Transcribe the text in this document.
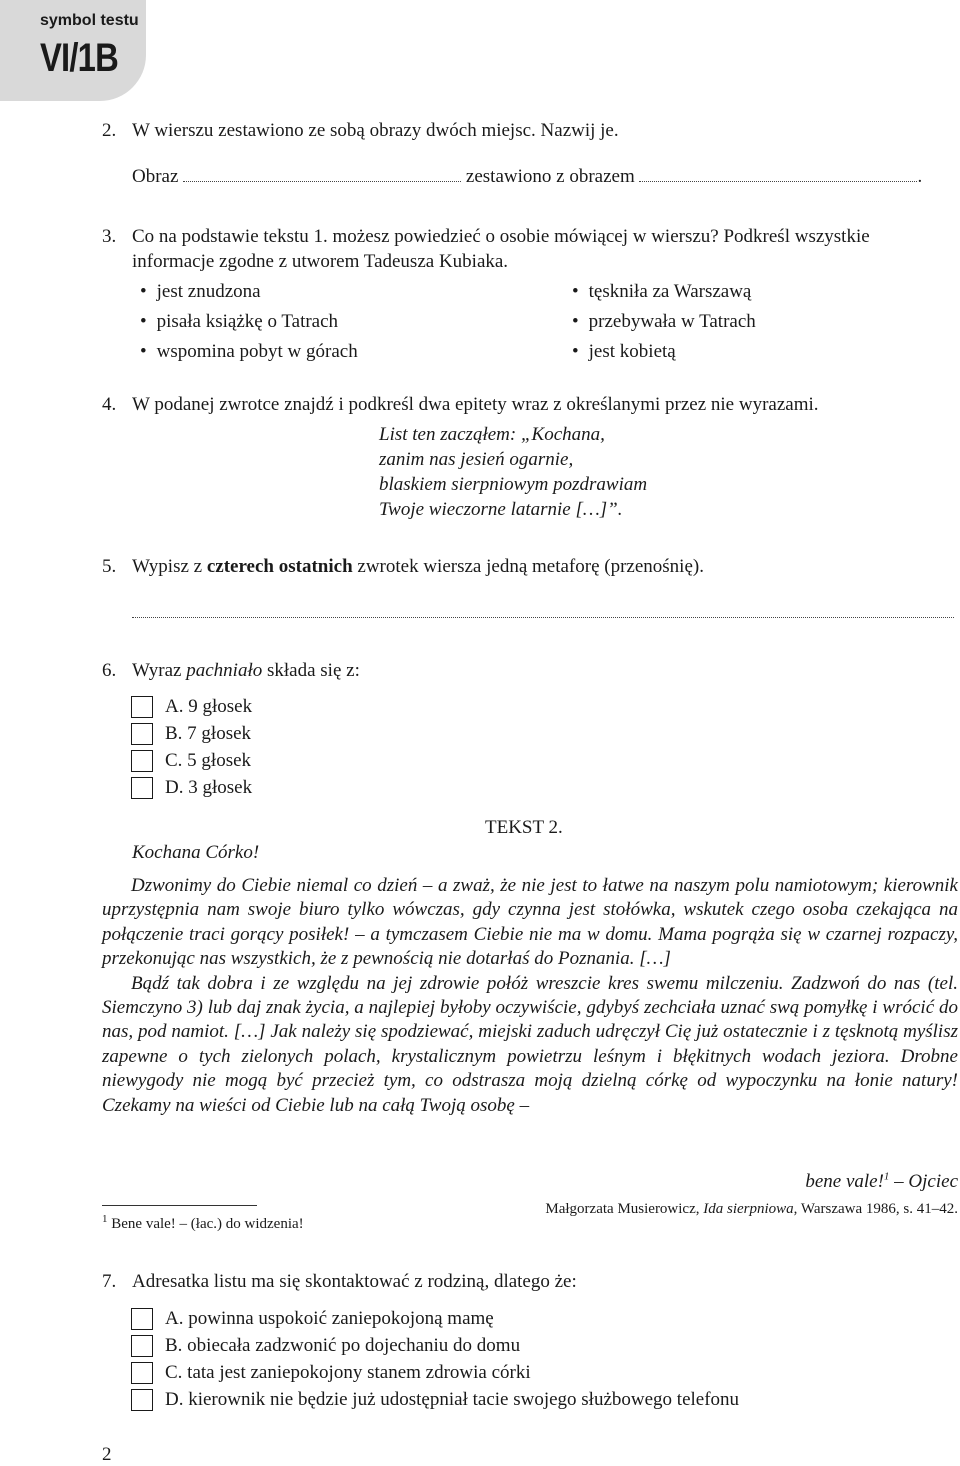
symbol testu
VI/1B
2. W wierszu zestawiono ze sobą obrazy dwóch miejsc. Nazwij je.
Obraz	zestawiono z obrazem	.
3. Co na podstawie tekstu 1. możesz powiedzieć o osobie mówiącej w wierszu? Podkreśl wszystkie
informacje zgodne z utworem Tadeusza Kubiaka.
• jest znudzona
• pisała książkę o Tatrach
• wspomina pobyt w górach
• tęskniła za Warszawą
• przebywała w Tatrach
• jest kobietą
4. W podanej zwrotce znajdź i podkreśl dwa epitety wraz z określanymi przez nie wyrazami.
List ten zacząłem: „Kochana,
zanim nas jesień ogarnie,
blaskiem sierpniowym pozdrawiam
Twoje wieczorne latarnie […]”.
5. Wypisz z czterech ostatnich zwrotek wiersza jedną metaforę (przenośnię).
6. Wyraz pachniało składa się z:
A. 9 głosek
B. 7 głosek
C. 5 głosek
D. 3 głosek
TEKST 2.
Kochana Córko!

Dzwonimy do Ciebie niemal co dzień – a zważ, że nie jest to łatwe na naszym polu namiotowym; kierownik uprzystępnia nam swoje biuro tylko wówczas, gdy czynna jest stołówka, wskutek czego osoba czekająca na połączenie traci gorący posiłek! – a tymczasem Ciebie nie ma w domu. Mama pogrąża się w czarnej rozpaczy, przekonując nas wszystkich, że z pewnością nie dotarłaś do Poznania. […]

Bądź tak dobra i ze względu na jej zdrowie połóż wreszcie kres swemu milczeniu. Zadzwoń do nas (tel. Siemczyno 3) lub daj znak życia, a najlepiej byłoby oczywiście, gdybyś zechciała uznać swą pomyłkę i wrócić do nas, pod namiot. […] Jak należy się spodziewać, miejski zaduch udręczył Cię już ostatecznie i z tęsknotą myślisz zapewne o tych zielonych polach, krystalicznym powietrzu leśnym i błękitnych wodach jeziora. Drobne niewygody nie mogą być przecież tym, co odstrasza moją dzielną córkę od wypoczynku na łonie natury! Czekamy na wieści od Ciebie lub na całą Twoją osobę –

bene vale!$^1$ – Ojciec
Małgorzata Musierowicz, Ida sierpniowa, Warszawa 1986, s. 41–42.
$^1$ Bene vale! – (łac.) do widzenia!
7. Adresatka listu ma się skontaktować z rodziną, dlatego że:
A. powinna uspokoić zaniepokojoną mamę
B. obiecała zadzwonić po dojechaniu do domu
C. tata jest zaniepokojony stanem zdrowia córki
D. kierownik nie będzie już udostępniał tacie swojego służbowego telefonu
2
